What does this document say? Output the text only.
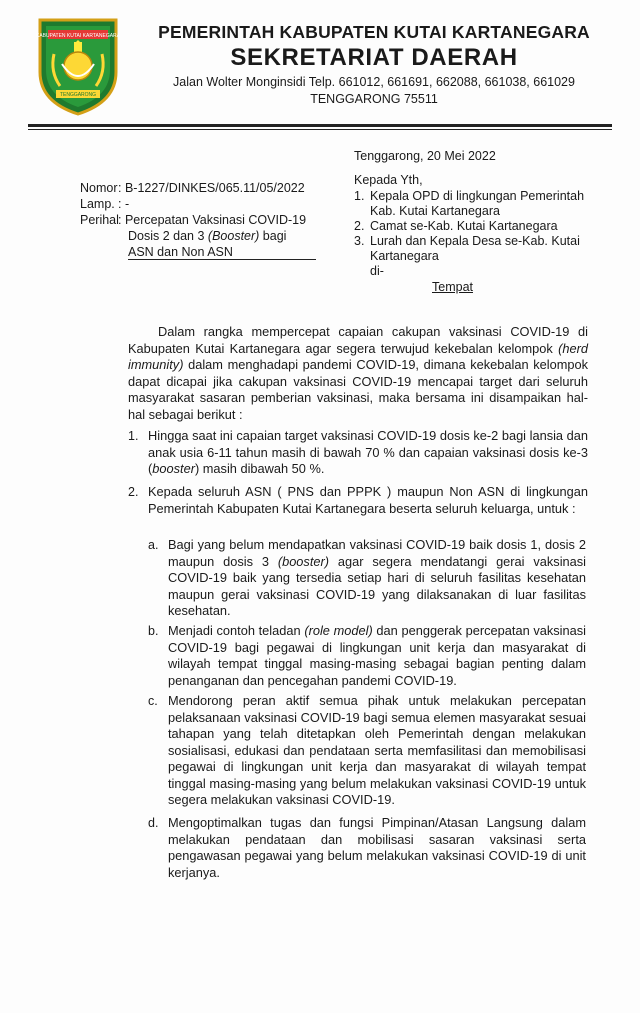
KABUPATEN KUTAI KARTANEGARA
TENGGARONG
PEMERINTAH KABUPATEN KUTAI KARTANEGARA
SEKRETARIAT DAERAH
Jalan Wolter Monginsidi Telp. 661012, 661691, 662088, 661038, 661029
TENGGARONG 75511
Tenggarong, 20 Mei 2022
Nomor : B-1227/DINKES/065.11/05/2022
Lamp. : -
Perihal : Percepatan Vaksinasi COVID-19
Dosis 2 dan 3 (Booster) bagi
ASN dan Non ASN
Kepada Yth,
1. Kepala OPD di lingkungan Pemerintah
Kab. Kutai Kartanegara
2. Camat se-Kab. Kutai Kartanegara
3. Lurah dan Kepala Desa se-Kab. Kutai
Kartanegara
di-
Tempat
Dalam rangka mempercepat capaian cakupan vaksinasi COVID-19 di Kabupaten Kutai Kartanegara agar segera terwujud kekebalan kelompok (herd immunity) dalam menghadapi pandemi COVID-19, dimana kekebalan kelompok dapat dicapai jika cakupan vaksinasi COVID-19 mencapai target dari seluruh masyarakat sasaran pemberian vaksinasi, maka bersama ini disampaikan hal-hal sebagai berikut :
1. Hingga saat ini capaian target vaksinasi COVID-19 dosis ke-2 bagi lansia dan anak usia 6-11 tahun masih di bawah 70 % dan capaian vaksinasi dosis ke-3 (booster) masih dibawah 50 %.
2. Kepada seluruh ASN ( PNS dan PPPK ) maupun Non ASN di lingkungan Pemerintah Kabupaten Kutai Kartanegara beserta seluruh keluarga, untuk :
a. Bagi yang belum mendapatkan vaksinasi COVID-19 baik dosis 1, dosis 2 maupun dosis 3 (booster) agar segera mendatangi gerai vaksinasi COVID-19 baik yang tersedia setiap hari di seluruh fasilitas kesehatan maupun gerai vaksinasi COVID-19 yang dilaksanakan di luar fasilitas kesehatan.
b. Menjadi contoh teladan (role model) dan penggerak percepatan vaksinasi COVID-19 bagi pegawai di lingkungan unit kerja dan masyarakat di wilayah tempat tinggal masing-masing sebagai bagian penting dalam penanganan dan pencegahan pandemi COVID-19.
c. Mendorong peran aktif semua pihak untuk melakukan percepatan pelaksanaan vaksinasi COVID-19 bagi semua elemen masyarakat sesuai tahapan yang telah ditetapkan oleh Pemerintah dengan melakukan sosialisasi, edukasi dan pendataan serta memfasilitasi dan memobilisasi pegawai di lingkungan unit kerja dan masyarakat di wilayah tempat tinggal masing-masing yang belum melakukan vaksinasi COVID-19 untuk segera melakukan vaksinasi COVID-19.
d. Mengoptimalkan tugas dan fungsi Pimpinan/Atasan Langsung dalam melakukan pendataan dan mobilisasi sasaran vaksinasi serta pengawasan pegawai yang belum melakukan vaksinasi COVID-19 di unit kerjanya.
